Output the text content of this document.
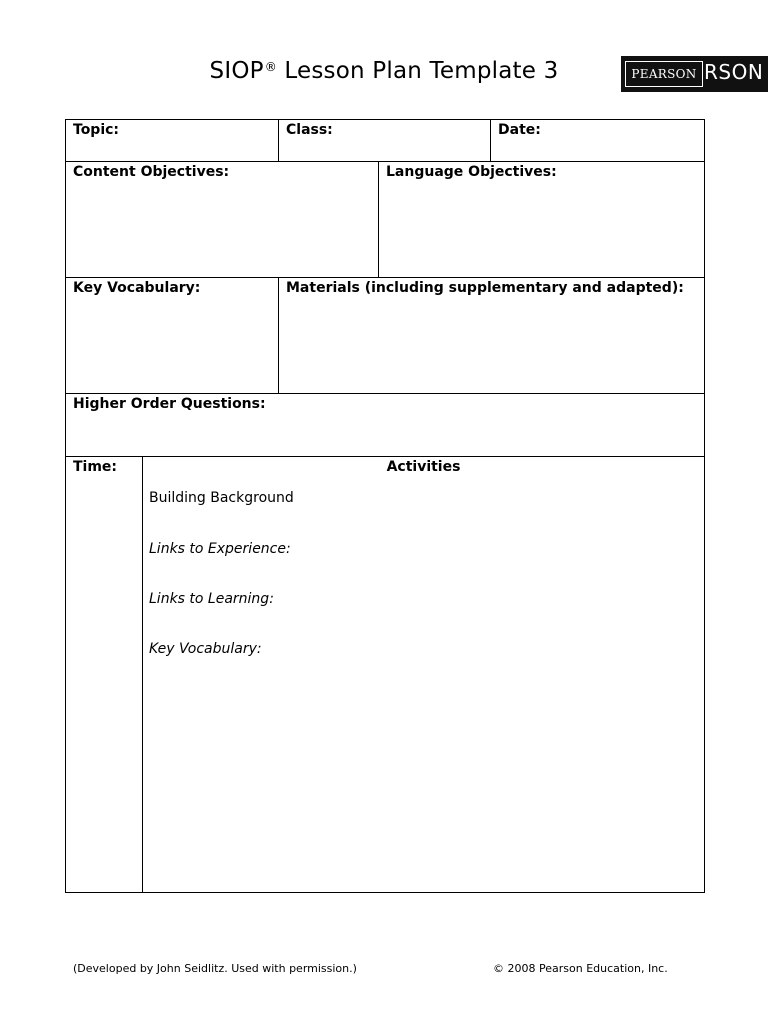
SIOP® Lesson Plan Template 3	PEARSON RSON
Topic:		Class:		Date:

Content Objectives:			Language Objectives:	

Key Vocabulary:		Materials (including supplementary and adapted):		

Higher Order Questions:				

Time:	Activities
Building Background
Links to Experience:
Links to Learning:
Key Vocabulary:			
(Developed by John Seidlitz. Used with permission.)	© 2008 Pearson Education, Inc.
